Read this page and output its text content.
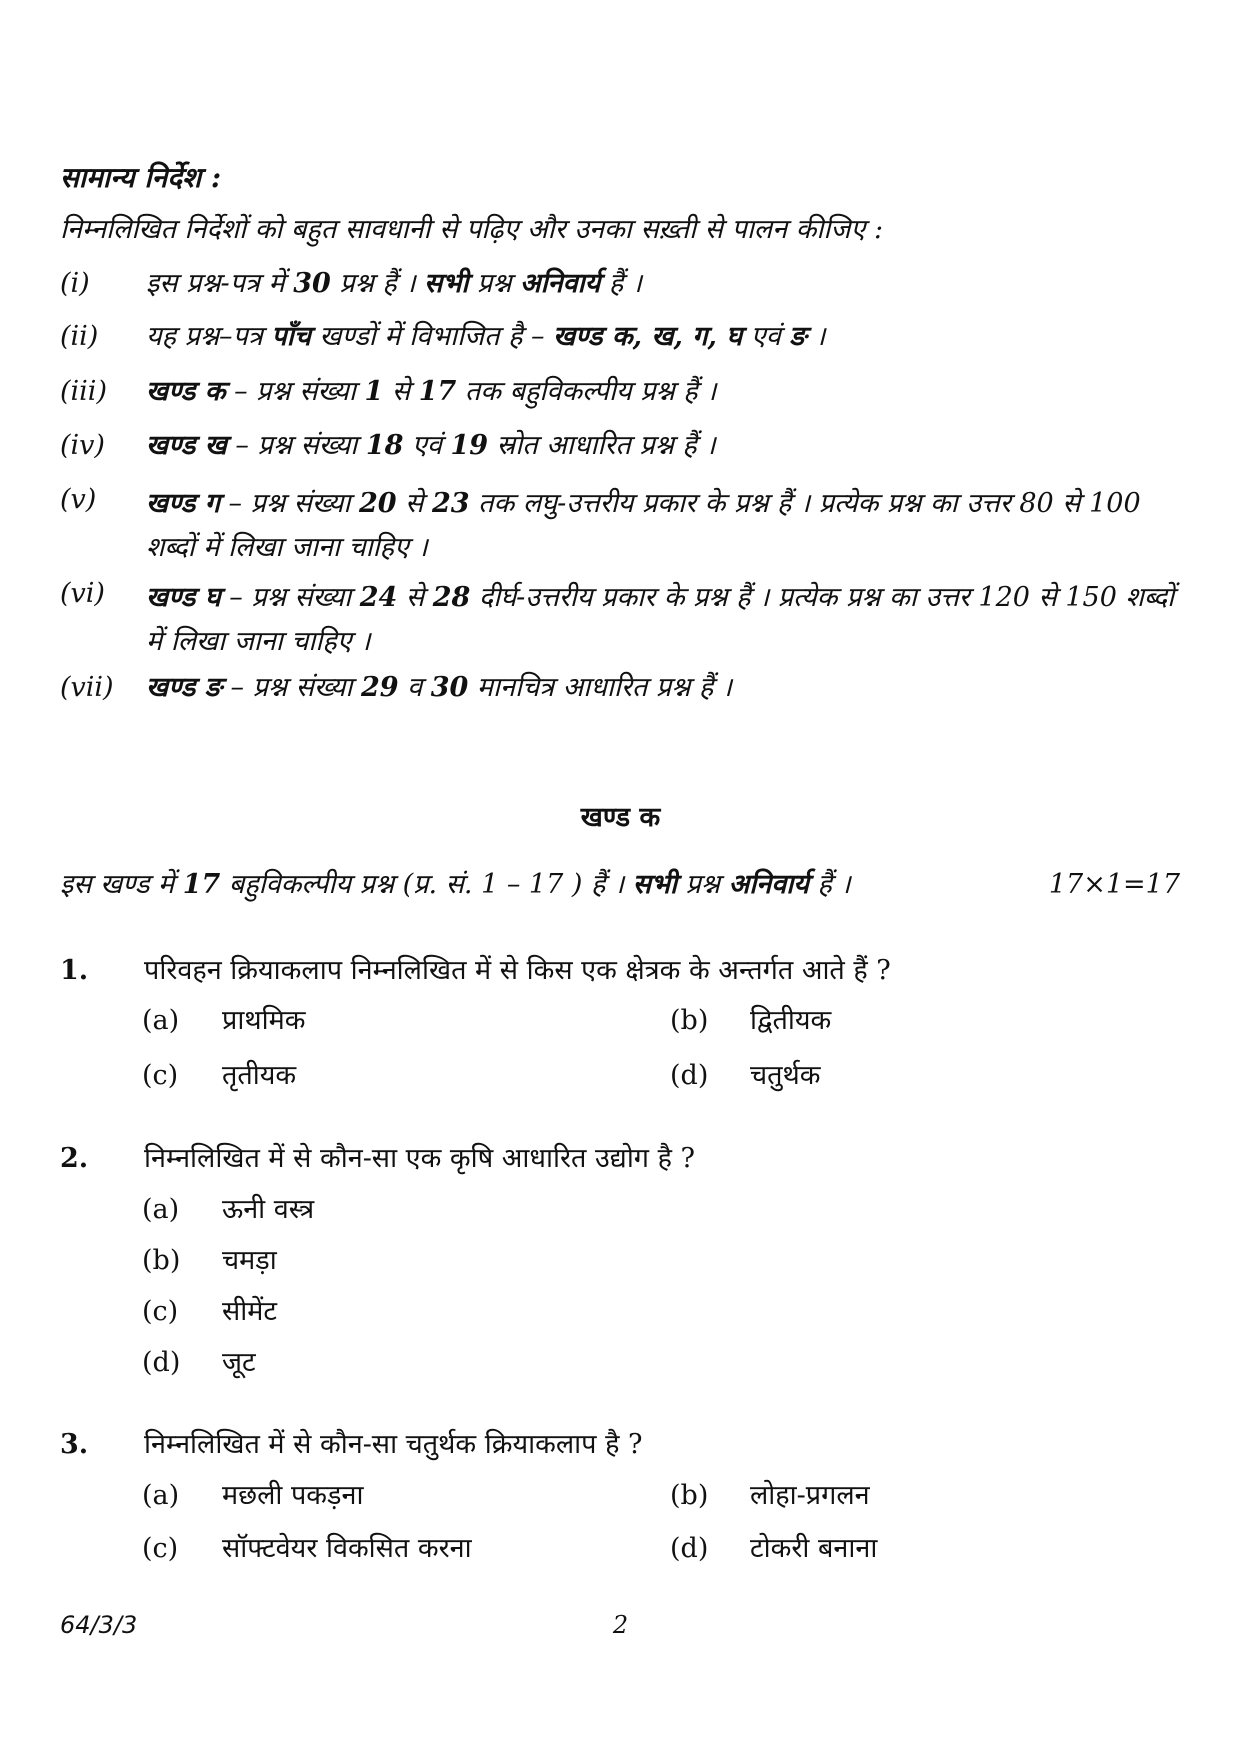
सामान्य निर्देश :
निम्नलिखित निर्देशों को बहुत सावधानी से पढ़िए और उनका सख़्ती से पालन कीजिए :
(i)	इस प्रश्न-पत्र में 30 प्रश्न हैं । सभी प्रश्न अनिवार्य हैं ।
(ii)	यह प्रश्न–पत्र पाँच खण्डों में विभाजित है – खण्ड क, ख, ग, घ एवं ङ ।
(iii)	खण्ड क – प्रश्न संख्या 1 से 17 तक बहुविकल्पीय प्रश्न हैं ।
(iv)	खण्ड ख – प्रश्न संख्या 18 एवं 19 स्रोत आधारित प्रश्न हैं ।
(v)	खण्ड ग – प्रश्न संख्या 20 से 23 तक लघु-उत्तरीय प्रकार के प्रश्न हैं । प्रत्येक प्रश्न का उत्तर 80 से 100 शब्दों में लिखा जाना चाहिए ।
(vi)	खण्ड घ – प्रश्न संख्या 24 से 28 दीर्घ-उत्तरीय प्रकार के प्रश्न हैं । प्रत्येक प्रश्न का उत्तर 120 से 150 शब्दों में लिखा जाना चाहिए ।
(vii)	खण्ड ङ – प्रश्न संख्या 29 व 30 मानचित्र आधारित प्रश्न हैं ।
खण्ड क
इस खण्ड में 17 बहुविकल्पीय प्रश्न (प्र. सं. 1 – 17 ) हैं । सभी प्रश्न अनिवार्य हैं ।	17×1=17
1. परिवहन क्रियाकलाप निम्नलिखित में से किस एक क्षेत्रक के अन्तर्गत आते हैं ?
(a) प्राथमिक	(b) द्वितीयक
(c) तृतीयक	(d) चतुर्थक
2. निम्नलिखित में से कौन-सा एक कृषि आधारित उद्योग है ?
(a) ऊनी वस्त्र
(b) चमड़ा
(c) सीमेंट
(d) जूट
3. निम्नलिखित में से कौन-सा चतुर्थक क्रियाकलाप है ?
(a) मछली पकड़ना	(b) लोहा-प्रगलन
(c) सॉफ्टवेयर विकसित करना	(d) टोकरी बनाना
64/3/3	2
